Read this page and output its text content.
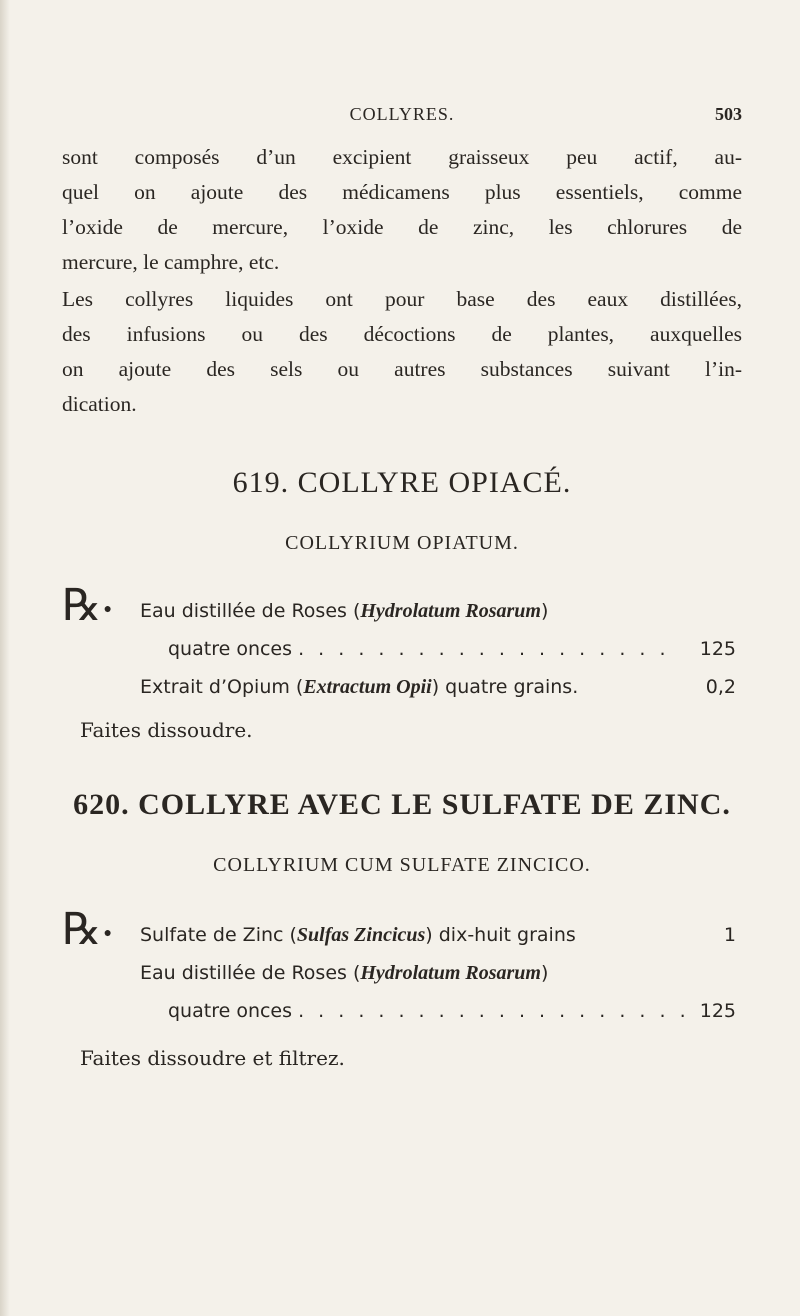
COLLYRES.	503
sont composés d’un excipient graisseux peu actif, au-
quel on ajoute des médicamens plus essentiels, comme
l’oxide de mercure, l’oxide de zinc, les chlorures de
mercure, le camphre, etc.
Les collyres liquides ont pour base des eaux distillées,
des infusions ou des décoctions de plantes, auxquelles
on ajoute des sels ou autres substances suivant l’in-
dication.
619. COLLYRE OPIACÉ.
COLLYRIUM OPIATUM.
℞ ● Eau distillée de Roses (Hydrolatum Rosarum)
quatre onces . . . . . . . . . . . . . . . . . . .	125
Extrait d’Opium (Extractum Opii) quatre grains.	0,2
Faites dissoudre.
620. COLLYRE AVEC LE SULFATE DE ZINC.
COLLYRIUM CUM SULFATE ZINCICO.
℞ ● Sulfate de Zinc (Sulfas Zincicus) dix-huit grains	1
Eau distillée de Roses (Hydrolatum Rosarum)
quatre onces . . . . . . . . . . . . . . . . . . . . 125
Faites dissoudre et filtrez.
